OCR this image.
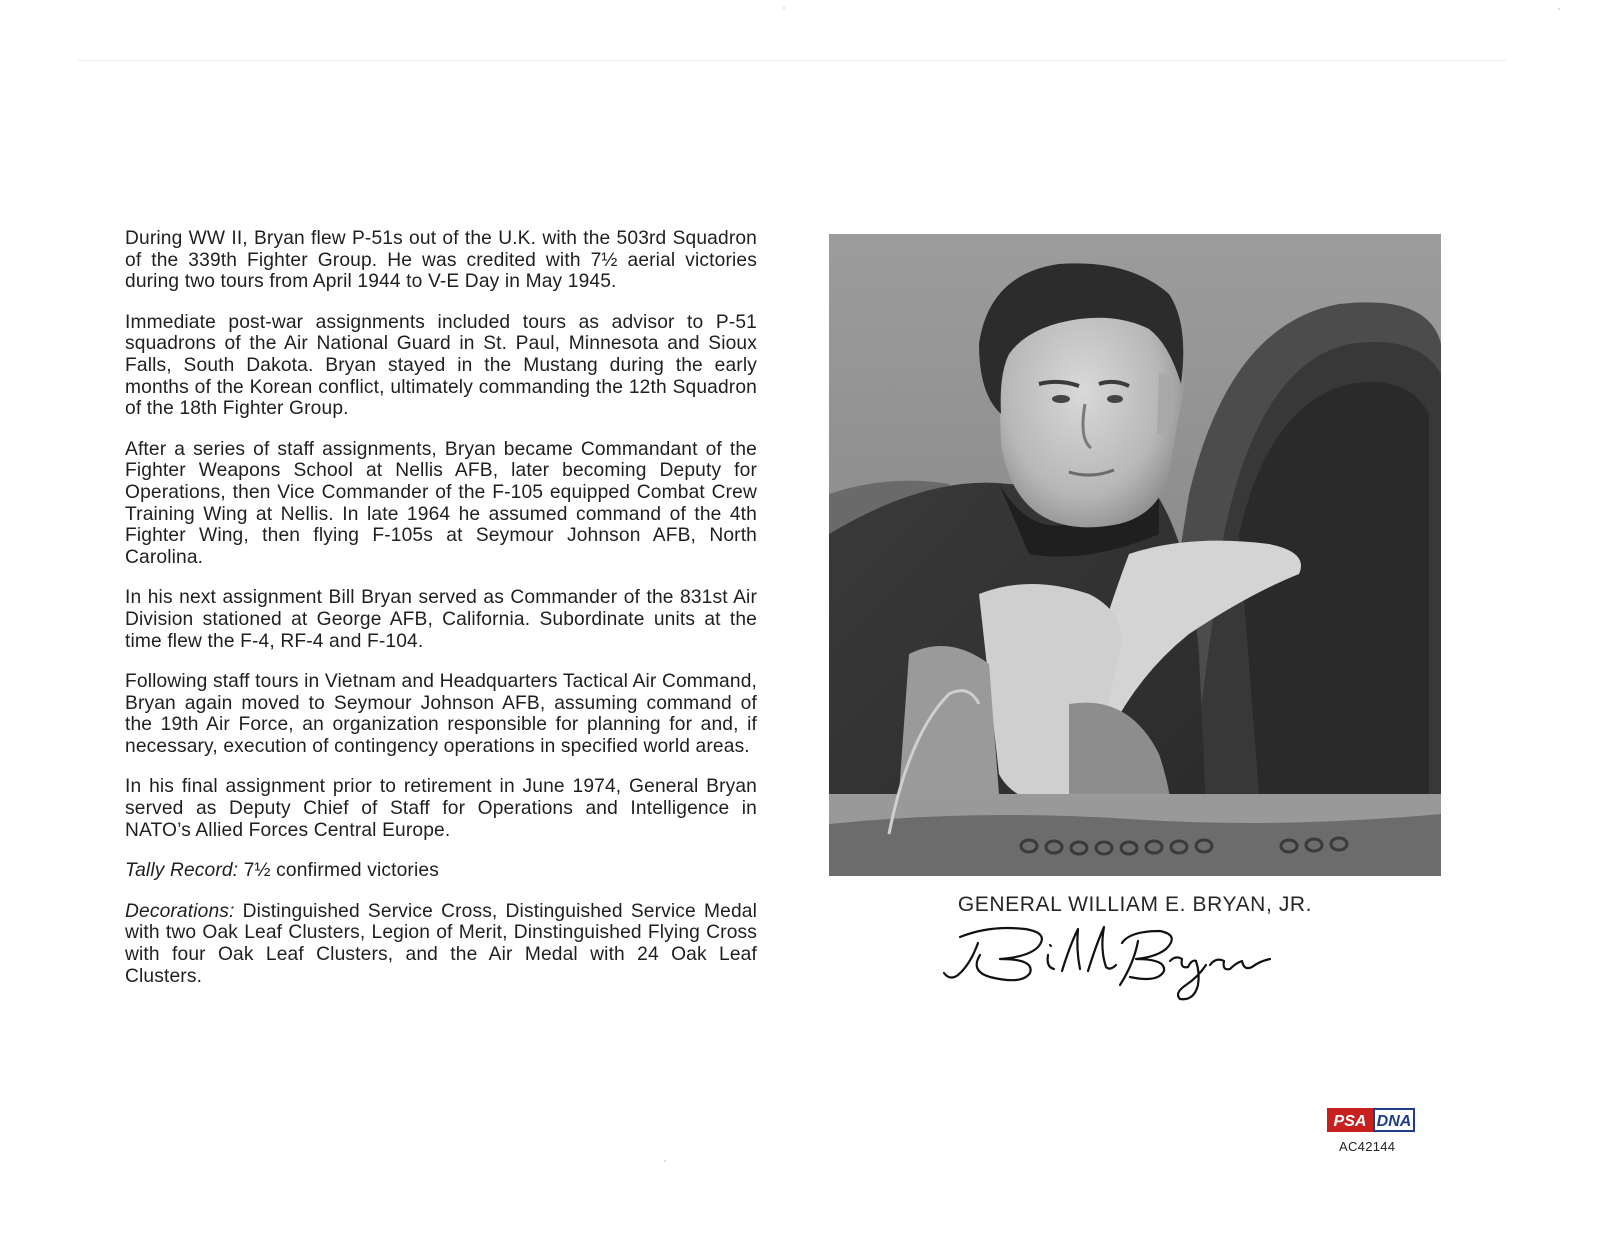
During WW II, Bryan flew P-51s out of the U.K. with the 503rd Squadron of the 339th Fighter Group. He was credited with 7½ aerial victories during two tours from April 1944 to V-E Day in May 1945.

Immediate post-war assignments included tours as advisor to P-51 squadrons of the Air National Guard in St. Paul, Minnesota and Sioux Falls, South Dakota. Bryan stayed in the Mustang during the early months of the Korean conflict, ultimately commanding the 12th Squadron of the 18th Fighter Group.

After a series of staff assignments, Bryan became Commandant of the Fighter Weapons School at Nellis AFB, later becoming Deputy for Operations, then Vice Commander of the F-105 equipped Combat Crew Training Wing at Nellis. In late 1964 he assumed command of the 4th Fighter Wing, then flying F-105s at Seymour Johnson AFB, North Carolina.

In his next assignment Bill Bryan served as Commander of the 831st Air Division stationed at George AFB, California. Subordinate units at the time flew the F-4, RF-4 and F-104.

Following staff tours in Vietnam and Headquarters Tactical Air Command, Bryan again moved to Seymour Johnson AFB, assuming command of the 19th Air Force, an organization responsible for planning for and, if necessary, execution of contingency operations in specified world areas.

In his final assignment prior to retirement in June 1974, General Bryan served as Deputy Chief of Staff for Operations and Intelligence in NATO’s Allied Forces Central Europe.

Tally Record: 7½ confirmed victories

Decorations: Distinguished Service Cross, Distinguished Service Medal with two Oak Leaf Clusters, Legion of Merit, Dinstinguished Flying Cross with four Oak Leaf Clusters, and the Air Medal with 24 Oak Leaf Clusters.

GENERAL WILLIAM E. BRYAN, JR.
PSA DNA
AC42144
